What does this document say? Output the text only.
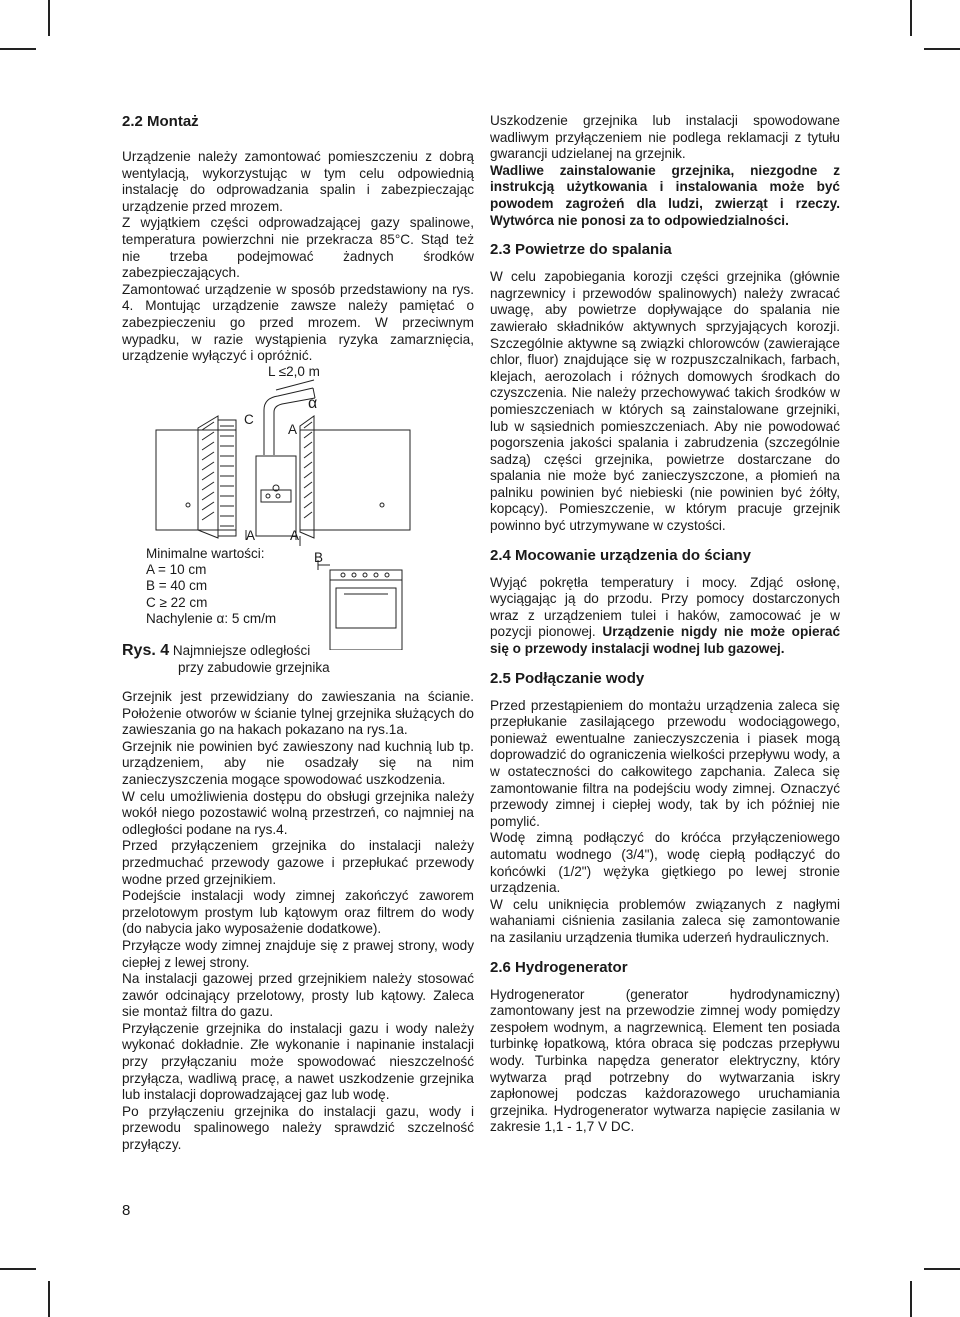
2.2 Montaż

Urządzenie należy zamontować pomieszczeniu z dobrą wentylacją, wykorzystując w tym celu odpowiednią instalację do odprowadzania spalin i zabezpieczając urządzenie przed mrozem.

Z wyjątkiem części odprowadzającej gazy spalinowe, temperatura powierzchni nie przekracza 85°C. Stąd też nie trzeba podejmować żadnych środków zabezpieczających.

Zamontować urządzenie w sposób przedstawiony na rys. 4. Montując urządzenie zawsze należy pamiętać o zabezpieczeniu go przed mrozem. W przeciwnym wypadku, w razie wystąpienia ryzyka zamarznięcia, urządzenie wyłączyć i opróżnić.

L ≤2,0 m
α
C
A
A	A
B
Minimalne wartości:
A = 10 cm
B = 40 cm
C ≥ 22 cm
Nachylenie α: 5 cm/m
Rys. 4 Najmniejsze odległości
przy zabudowie grzejnika

Grzejnik jest przewidziany do zawieszania na ścianie. Położenie otworów w ścianie tylnej grzejnika służących do zawieszania go na hakach pokazano na rys.1a.

Grzejnik nie powinien być zawieszony nad kuchnią lub tp. urządzeniem, aby nie osadzały się na nim zanieczyszczenia mogące spowodować uszkodzenia.

W celu umożliwienia dostępu do obsługi grzejnika należy wokół niego pozostawić wolną przestrzeń, co najmniej na odległości podane na rys.4.

Przed przyłączeniem grzejnika do instalacji należy przedmuchać przewody gazowe i przepłukać przewody wodne przed grzejnikiem.

Podejście instalacji wody zimnej zakończyć zaworem przelotowym prostym lub kątowym oraz filtrem do wody (do nabycia jako wyposażenie dodatkowe).

Przyłącze wody zimnej znajduje się z prawej strony, wody ciepłej z lewej strony.

Na instalacji gazowej przed grzejnikiem należy stosować zawór odcinający przelotowy, prosty lub kątowy. Zaleca sie montaż filtra do gazu.

Przyłączenie grzejnika do instalacji gazu i wody należy wykonać dokładnie. Złe wykonanie i napinanie instalacji przy przyłączaniu może spowodować nieszczelność przyłącza, wadliwą pracę, a nawet uszkodzenie grzejnika lub instalacji doprowadzającej gaz lub wodę.

Po przyłączeniu grzejnika do instalacji gazu, wody i przewodu spalinowego należy sprawdzić szczelność przyłączy.

Uszkodzenie grzejnika lub instalacji spowodowane wadliwym przyłączeniem nie podlega reklamacji z tytułu gwarancji udzielanej na grzejnik.

Wadliwe zainstalowanie grzejnika, niezgodne z instrukcją użytkowania i instalowania może być powodem zagrożeń dla ludzi, zwierząt i rzeczy. Wytwórca nie ponosi za to odpowiedzialności.

2.3 Powietrze do spalania

W celu zapobiegania korozji części grzejnika (głównie nagrzewnicy i przewodów spalinowych) należy zwracać uwagę, aby powietrze dopływające do spalania nie zawierało składników aktywnych sprzyjających korozji. Szczególnie aktywne są związki chlorowców (zawierające chlor, fluor) znajdujące się w rozpuszczalnikach, farbach, klejach, aerozolach i różnych domowych środkach do czyszczenia. Nie należy przechowywać takich środków w pomieszczeniach w których są zainstalowane grzejniki, lub w sąsiednich pomieszczeniach. Aby nie powodować pogorszenia jakości spalania i zabrudzenia (szczególnie sadzą) części grzejnika, powietrze dostarczane do spalania nie może być zanieczyszczone, a płomień na palniku powinien być niebieski (nie powinien być żółty, kopcący). Pomieszczenie, w którym pracuje grzejnik powinno być utrzymywane w czystości.

2.4 Mocowanie urządzenia do ściany

Wyjąć pokrętła temperatury i mocy. Zdjąć osłonę, wyciągając ją do przodu. Przy pomocy dostarczonych wraz z urządzeniem tulei i haków, zamocować je w pozycji pionowej. Urządzenie nigdy nie może opierać się o przewody instalacji wodnej lub gazowej.

2.5 Podłączanie wody

Przed przestąpieniem do montażu urządzenia zaleca się przepłukanie zasilającego przewodu wodociągowego, ponieważ ewentualne zanieczyszczenia i piasek mogą doprowadzić do ograniczenia wielkości przepływu wody, a w ostateczności do całkowitego zapchania. Zaleca się zamontowanie filtra na podejściu wody zimnej. Oznaczyć przewody zimnej i ciepłej wody, tak by ich później nie pomylić.

Wodę zimną podłączyć do króćca przyłączeniowego automatu wodnego (3/4"), wodę ciepłą podłączyć do końcówki (1/2") wężyka giętkiego po lewej stronie urządzenia.

W celu uniknięcia problemów związanych z nagłymi wahaniami ciśnienia zasilania zaleca się zamontowanie na zasilaniu urządzenia tłumika uderzeń hydraulicznych.

2.6 Hydrogenerator

Hydrogenerator (generator hydrodynamiczny) zamontowany jest na przewodzie zimnej wody pomiędzy zespołem wodnym, a nagrzewnicą. Element ten posiada turbinkę łopatkową, która obraca się podczas przepływu wody. Turbinka napędza generator elektryczny, który wytwarza prąd potrzebny do wytwarzania iskry zapłonowej podczas każdorazowego uruchamiania grzejnika. Hydrogenerator wytwarza napięcie zasilania w zakresie 1,1 - 1,7 V DC.

8
